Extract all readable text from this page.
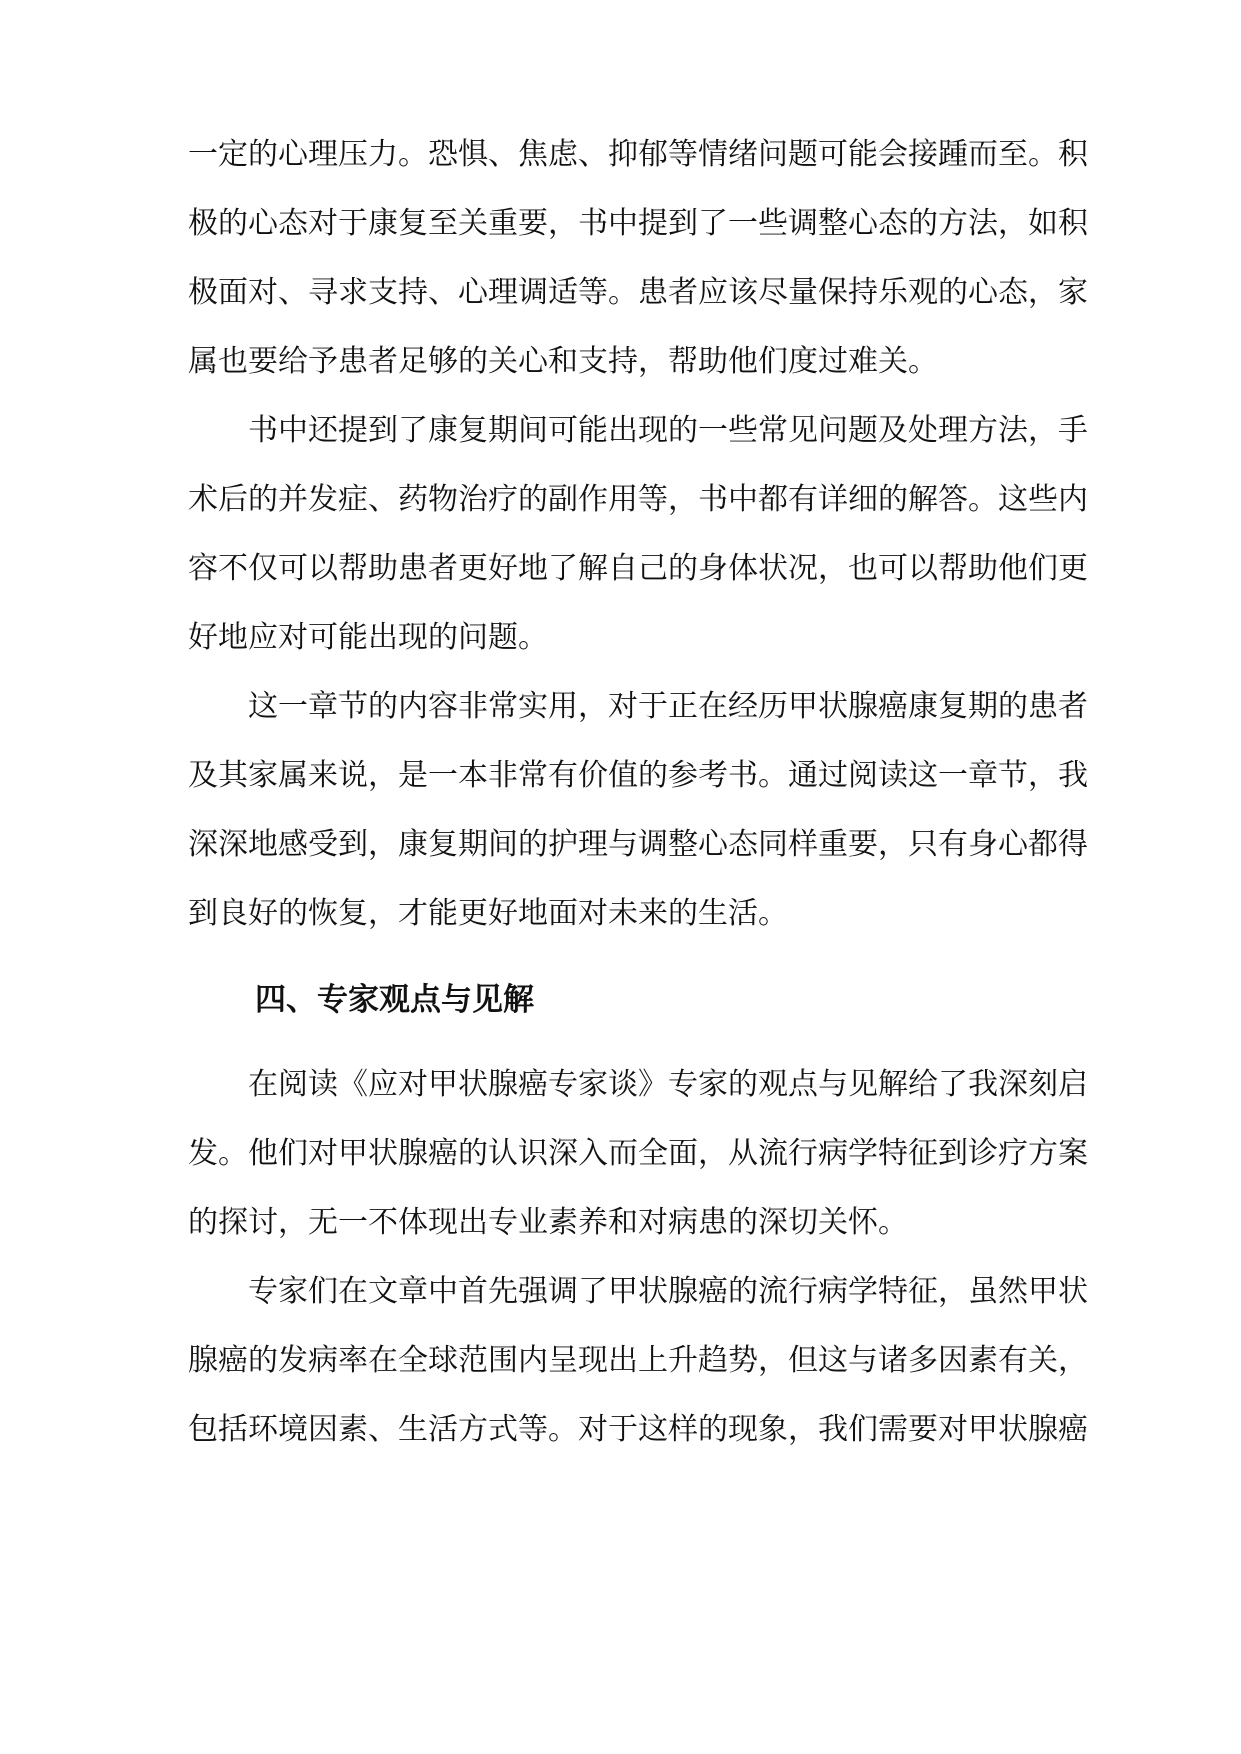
一定的心理压力。恐惧、焦虑、抑郁等情绪问题可能会接踵而至。积

极的心态对于康复至关重要，书中提到了一些调整心态的方法，如积

极面对、寻求支持、心理调适等。患者应该尽量保持乐观的心态，家

属也要给予患者足够的关心和支持，帮助他们度过难关。

书中还提到了康复期间可能出现的一些常见问题及处理方法，手

术后的并发症、药物治疗的副作用等，书中都有详细的解答。这些内

容不仅可以帮助患者更好地了解自己的身体状况，也可以帮助他们更

好地应对可能出现的问题。

这一章节的内容非常实用，对于正在经历甲状腺癌康复期的患者

及其家属来说，是一本非常有价值的参考书。通过阅读这一章节，我

深深地感受到，康复期间的护理与调整心态同样重要，只有身心都得

到良好的恢复，才能更好地面对未来的生活。

四、专家观点与见解

在阅读《应对甲状腺癌专家谈》专家的观点与见解给了我深刻启

发。他们对甲状腺癌的认识深入而全面，从流行病学特征到诊疗方案

的探讨，无一不体现出专业素养和对病患的深切关怀。

专家们在文章中首先强调了甲状腺癌的流行病学特征，虽然甲状

腺癌的发病率在全球范围内呈现出上升趋势，但这与诸多因素有关，

包括环境因素、生活方式等。对于这样的现象，我们需要对甲状腺癌
